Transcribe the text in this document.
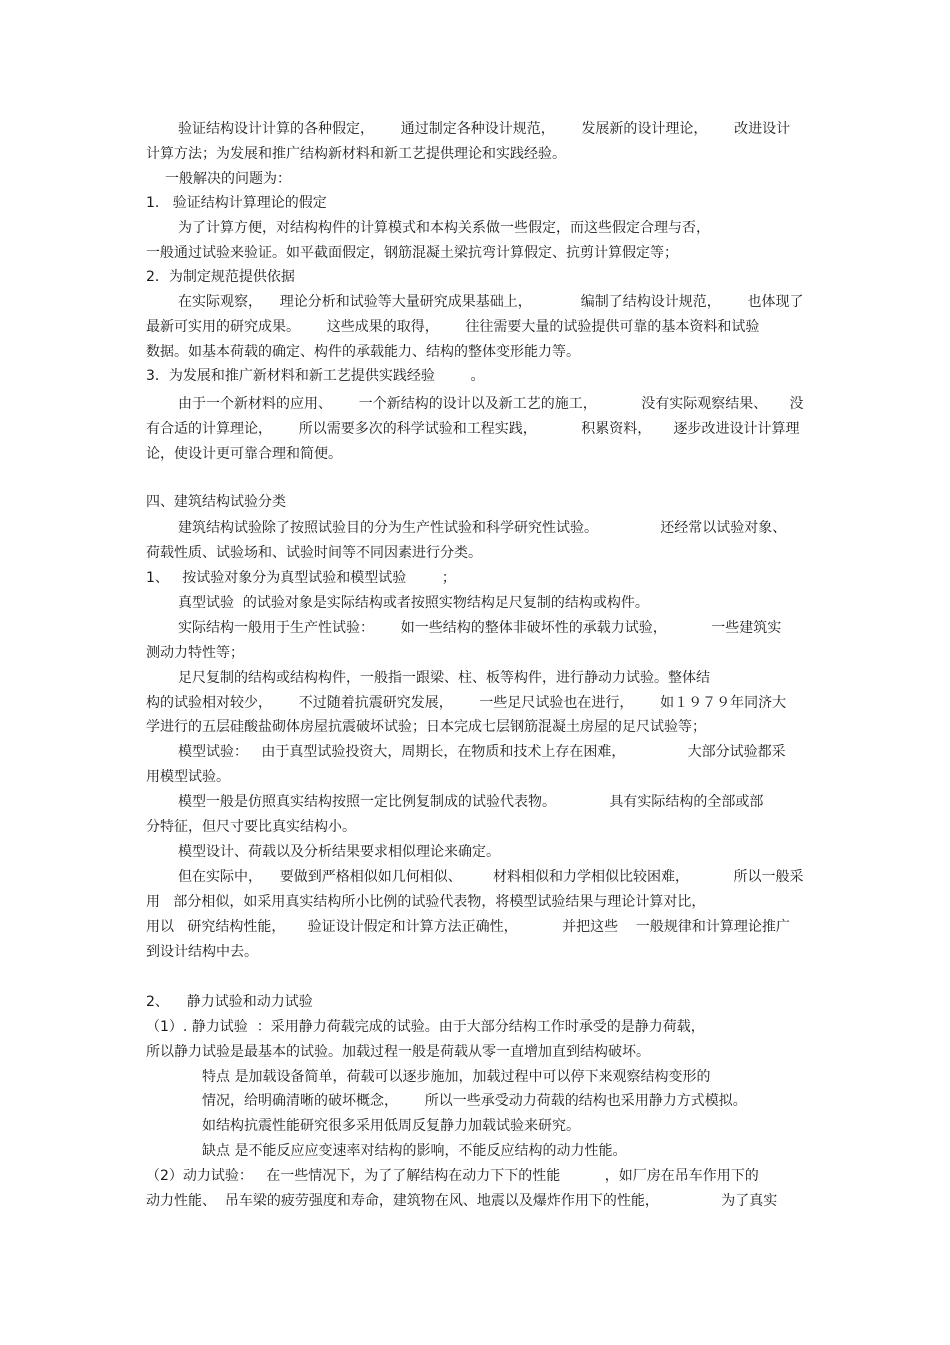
验证结构设计计算的各种假定，      通过制定各种设计规范，      发展新的设计理论，      改进设计
计算方法；为发展和推广结构新材料和新工艺提供理论和实践经验。
一般解决的问题为：
1.   验证结构计算理论的假定
为了计算方便，对结构构件的计算模式和本构关系做一些假定，而这些假定合理与否，
一般通过试验来验证。如平截面假定，钢筋混凝土梁抗弯计算假定、抗剪计算假定等；
2．为制定规范提供依据
在实际观察，    理论分析和试验等大量研究成果基础上，           编制了结构设计规范，      也体现了
最新可实用的研究成果。      这些成果的取得，      往往需要大量的试验提供可靠的基本资料和试验
数据。如基本荷载的确定、构件的承载能力、结构的整体变形能力等。
3．为发展和推广新材料和新工艺提供实践经验        。
由于一个新材料的应用、      一个新结构的设计以及新工艺的施工，          没有实际观察结果、     没
有合适的计算理论，      所以需要多次的科学试验和工程实践，          积累资料，     逐步改进设计计算理
论，使设计更可靠合理和简便。
四、建筑结构试验分类
建筑结构试验除了按照试验目的分为生产性试验和科学研究性试验。              还经常以试验对象、
荷载性质、试验场和、试验时间等不同因素进行分类。
1、   按试验对象分为真型试验和模型试验        ；
真型试验  的试验对象是实际结构或者按照实物结构足尺复制的结构或构件。
实际结构一般用于生产性试验：      如一些结构的整体非破坏性的承载力试验，          一些建筑实
测动力特性等；
足尺复制的结构或结构构件，一般指一跟梁、柱、板等构件，进行静动力试验。整体结
构的试验相对较少，      不过随着抗震研究发展，      一些足尺试验也在进行，      如１９７９年同济大
学进行的五层硅酸盐砌体房屋抗震破坏试验；日本完成七层钢筋混凝土房屋的足尺试验等；
模型试验：   由于真型试验投资大，周期长，在物质和技术上存在困难，              大部分试验都采
用模型试验。
模型一般是仿照真实结构按照一定比例复制成的试验代表物。            具有实际结构的全部或部
分特征，但尺寸要比真实结构小。
模型设计、荷载以及分析结果要求相似理论来确定。
但在实际中，    要做到严格相似如几何相似、       材料相似和力学相似比较困难，          所以一般采
用   部分相似，如采用真实结构所小比例的试验代表物，将模型试验结果与理论计算对比，
用以   研究结构性能，     验证设计假定和计算方法正确性，          并把这些    一般规律和计算理论推广
到设计结构中去。
2、    静力试验和动力试验
（1）. 静力试验  ：采用静力荷载完成的试验。由于大部分结构工作时承受的是静力荷载，
所以静力试验是最基本的试验。加载过程一般是荷载从零一直增加直到结构破坏。
特点 是加载设备简单，荷载可以逐步施加，加载过程中可以停下来观察结构变形的
情况，给明确清晰的破坏概念，      所以一些承受动力荷载的结构也采用静力方式模拟。
如结构抗震性能研究很多采用低周反复静力加载试验来研究。
缺点 是不能反应应变速率对结构的影响，不能反应结构的动力性能。
（2）动力试验：   在一些情况下，为了了解结构在动力下下的性能          ，如厂房在吊车作用下的
动力性能、  吊车梁的疲劳强度和寿命，建筑物在风、地震以及爆炸作用下的性能，              为了真实
